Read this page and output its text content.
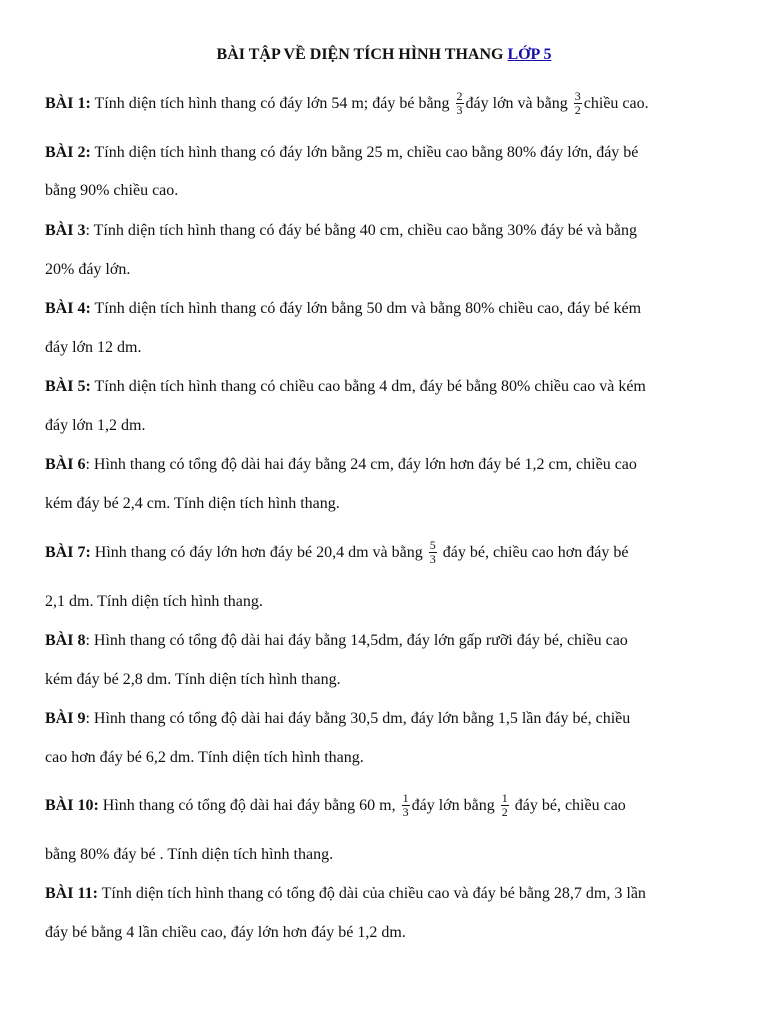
BÀI TẬP VỀ DIỆN TÍCH HÌNH THANG LỚP 5
BÀI 1: Tính diện tích hình thang có đáy lớn 54 m; đáy bé bằng $\frac{2}{3}$ đáy lớn và bằng $\frac{3}{2}$ chiều cao.
BÀI 2: Tính diện tích hình thang có đáy lớn bằng 25 m, chiều cao bằng 80% đáy lớn, đáy bé
bằng 90% chiều cao.
BÀI 3: Tính diện tích hình thang có đáy bé bằng 40 cm, chiều cao bằng 30% đáy bé và bằng
20% đáy lớn.
BÀI 4: Tính diện tích hình thang có đáy lớn bằng 50 dm và bằng 80% chiều cao, đáy bé kém
đáy lớn 12 dm.
BÀI 5: Tính diện tích hình thang có chiều cao bằng 4 dm, đáy bé bằng 80% chiều cao và kém
đáy lớn 1,2 dm.
BÀI 6: Hình thang có tổng độ dài hai đáy bằng 24 cm, đáy lớn hơn đáy bé 1,2 cm, chiều cao
kém đáy bé 2,4 cm. Tính diện tích hình thang.
BÀI 7: Hình thang có đáy lớn hơn đáy bé 20,4 dm và bằng $\frac{5}{3}$ đáy bé, chiều cao hơn đáy bé
2,1 dm. Tính diện tích hình thang.
BÀI 8: Hình thang có tổng độ dài hai đáy bằng 14,5dm, đáy lớn gấp rưỡi đáy bé, chiều cao
kém đáy bé 2,8 dm. Tính diện tích hình thang.
BÀI 9: Hình thang có tổng độ dài hai đáy bằng 30,5 dm, đáy lớn bằng 1,5 lần đáy bé, chiều
cao hơn đáy bé 6,2 dm. Tính diện tích hình thang.
BÀI 10: Hình thang có tổng độ dài hai đáy bằng 60 m, $\frac{1}{3}$ đáy lớn bằng $\frac{1}{2}$ đáy bé, chiều cao
bằng 80% đáy bé . Tính diện tích hình thang.
BÀI 11: Tính diện tích hình thang có tổng độ dài của chiều cao và đáy bé bằng 28,7 dm, 3 lần
đáy bé bằng 4 lần chiều cao, đáy lớn hơn đáy bé 1,2 dm.
